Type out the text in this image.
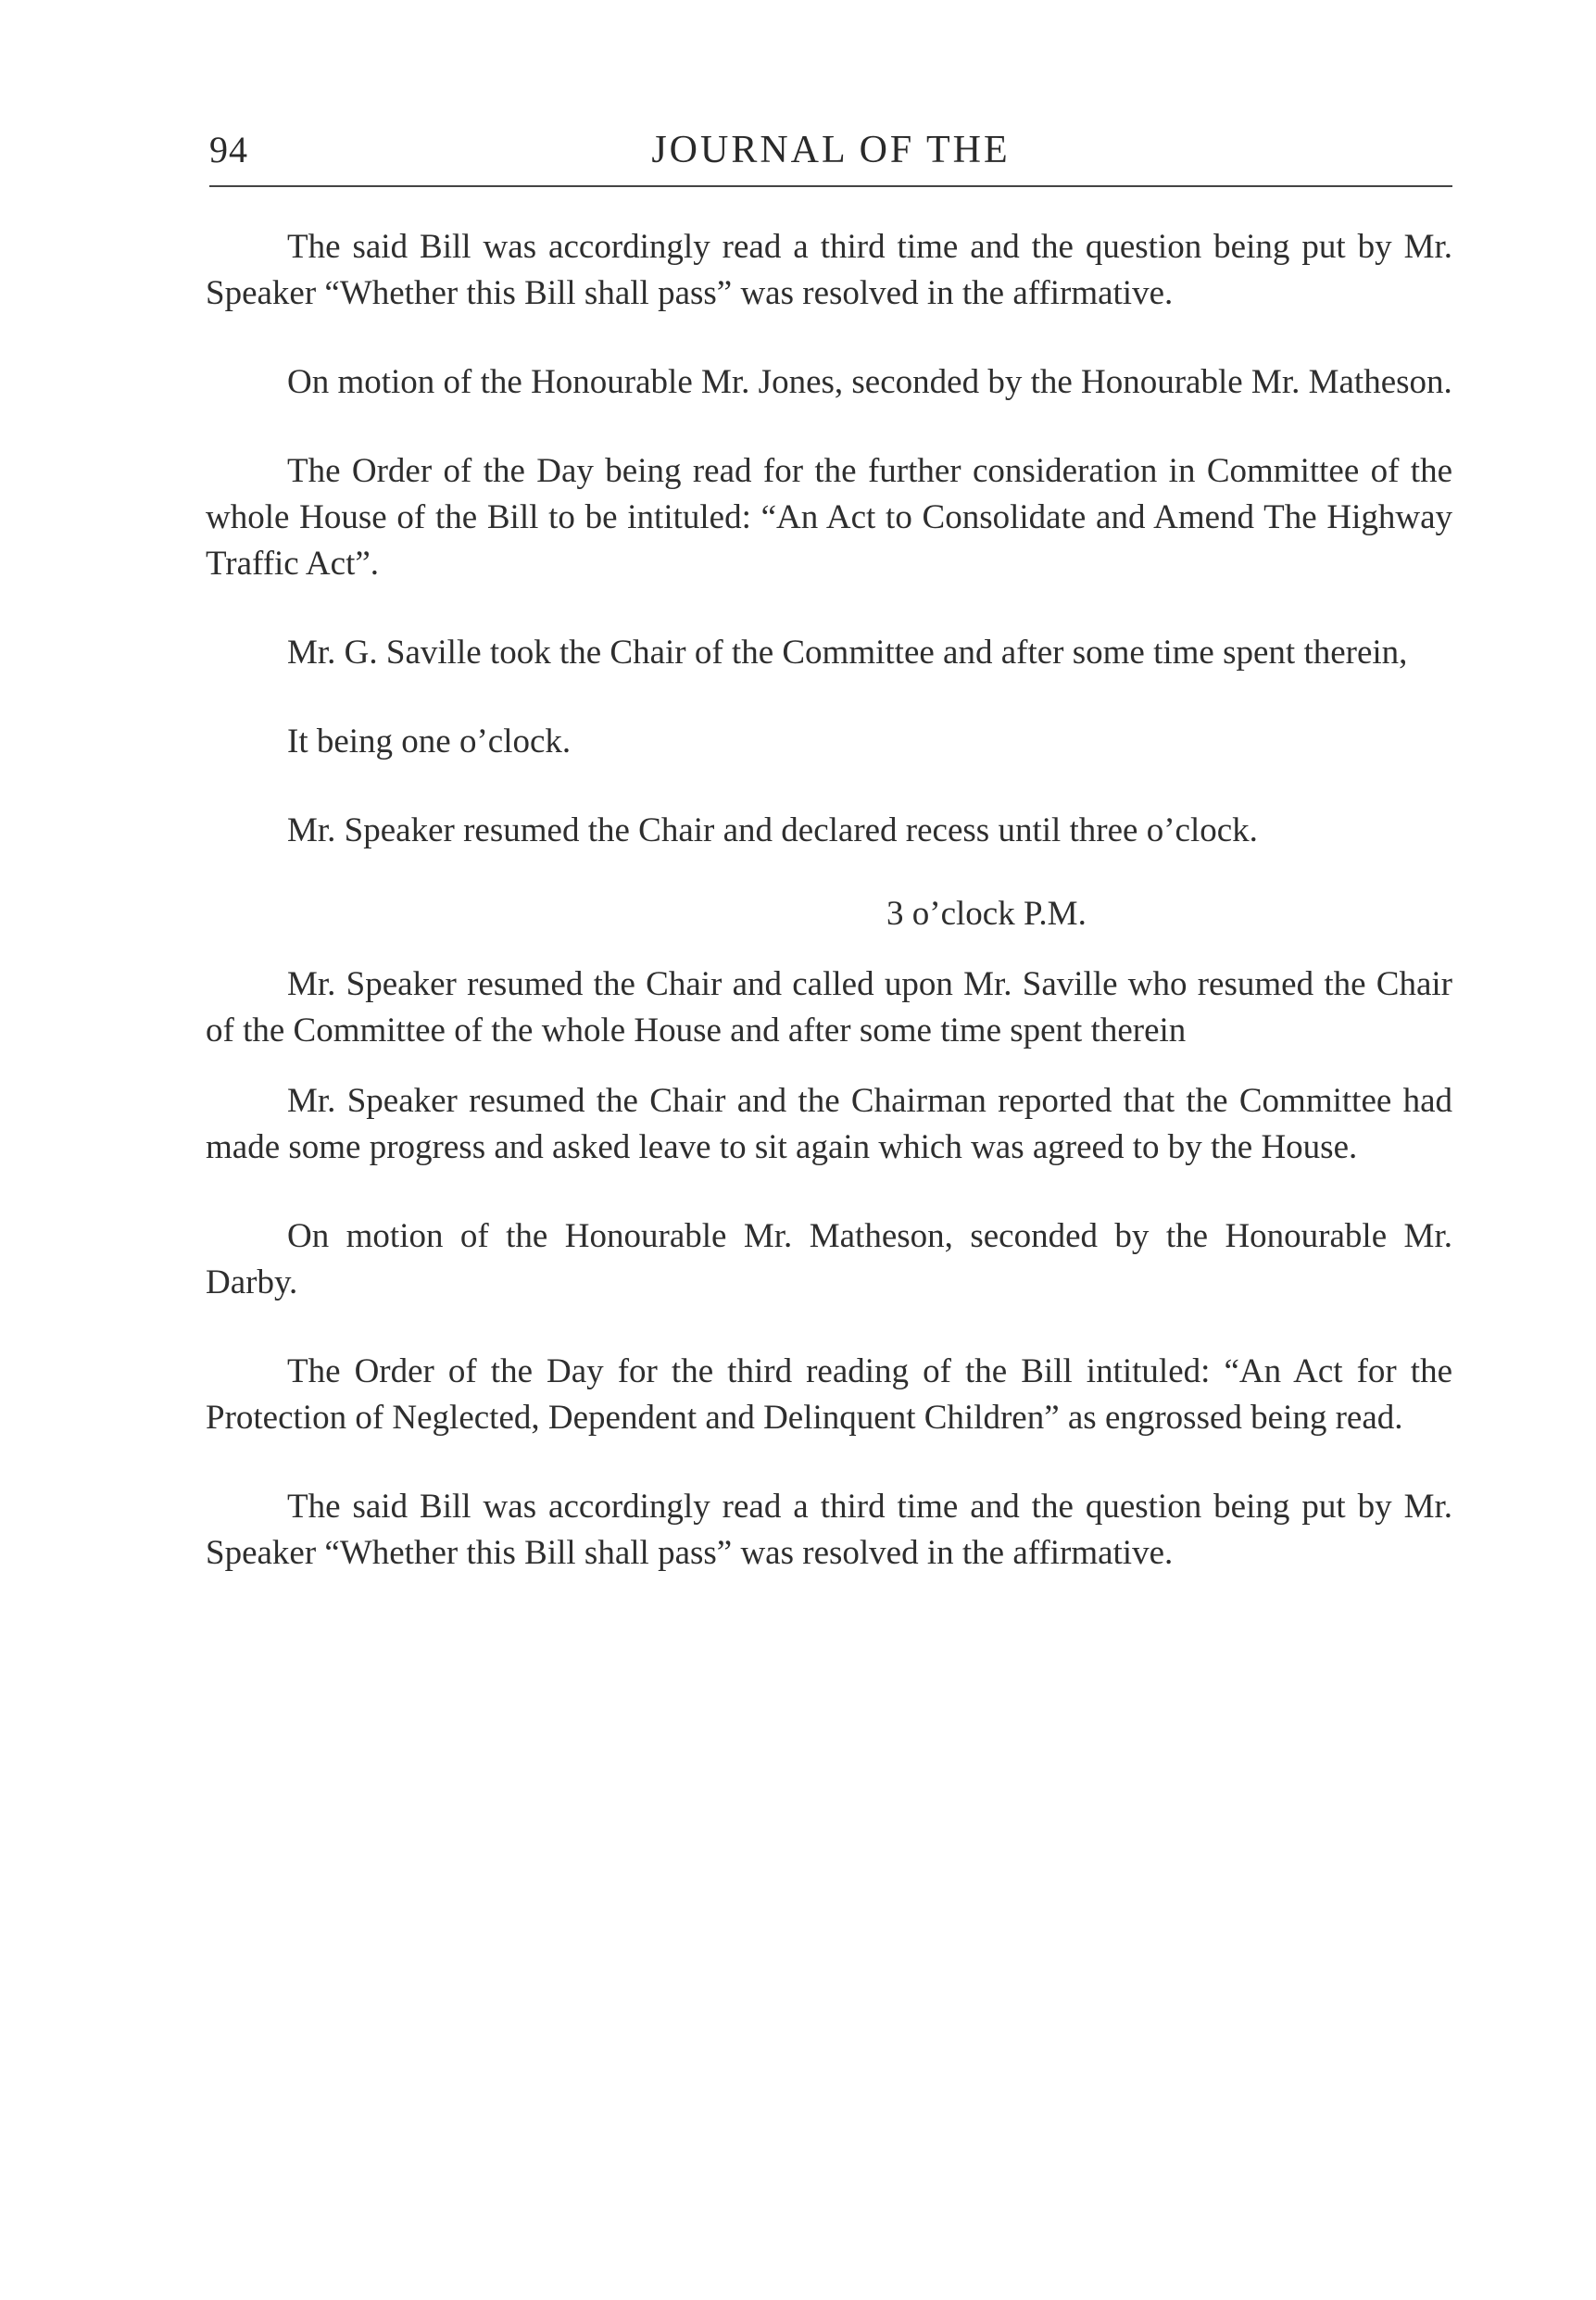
94	JOURNAL OF THE

The said Bill was accordingly read a third time and the question being put by Mr. Speaker “Whether this Bill shall pass” was resolved in the affirmative.

On motion of the Honourable Mr. Jones, seconded by the Honourable Mr. Matheson.

The Order of the Day being read for the further consideration in Committee of the whole House of the Bill to be intituled: “An Act to Consolidate and Amend The Highway Traffic Act”.

Mr. G. Saville took the Chair of the Committee and after some time spent therein,

It being one o’clock.

Mr. Speaker resumed the Chair and declared recess until three o’clock.

3 o’clock P.M.

Mr. Speaker resumed the Chair and called upon Mr. Saville who resumed the Chair of the Committee of the whole House and after some time spent therein

Mr. Speaker resumed the Chair and the Chairman reported that the Committee had made some progress and asked leave to sit again which was agreed to by the House.

On motion of the Honourable Mr. Matheson, seconded by the Honourable Mr. Darby.

The Order of the Day for the third reading of the Bill intituled: “An Act for the Protection of Neglected, Dependent and Delinquent Children” as engrossed being read.

The said Bill was accordingly read a third time and the question being put by Mr. Speaker “Whether this Bill shall pass” was resolved in the affirmative.
